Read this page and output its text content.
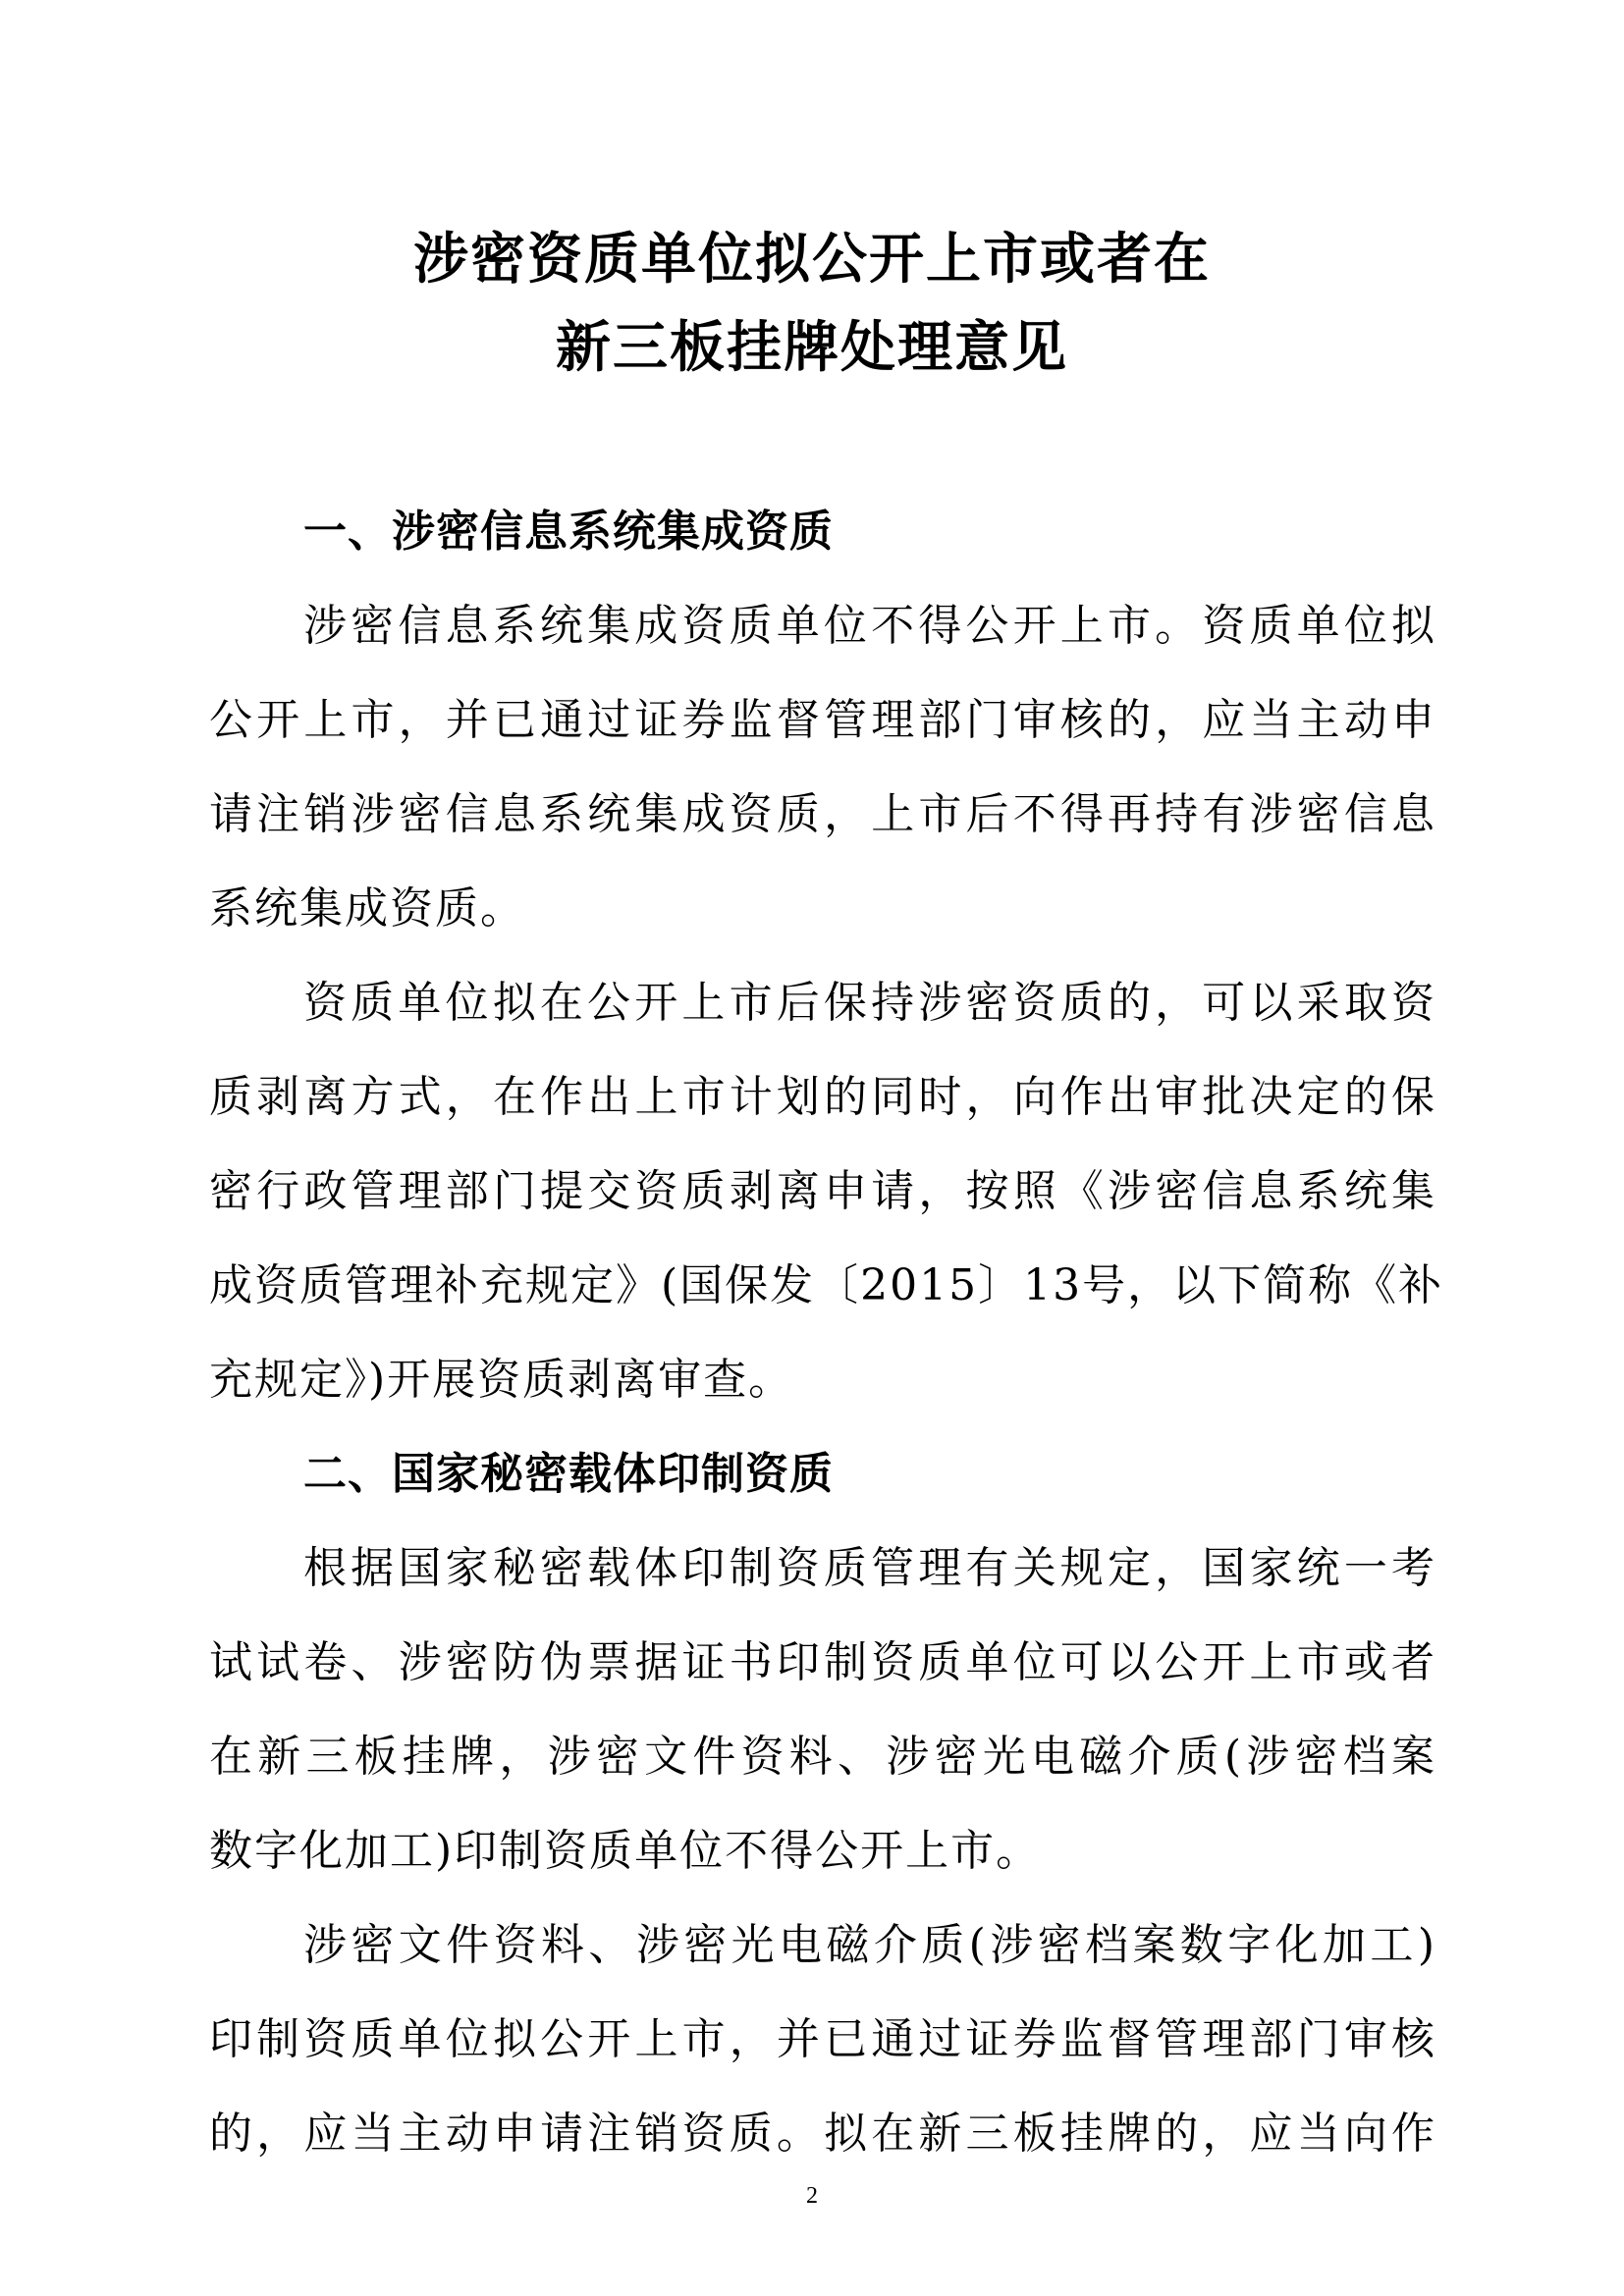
涉密资质单位拟公开上市或者在
新三板挂牌处理意见
一、涉密信息系统集成资质
涉密信息系统集成资质单位不得公开上市。资质单位拟
公开上市，并已通过证券监督管理部门审核的，应当主动申
请注销涉密信息系统集成资质，上市后不得再持有涉密信息
系统集成资质。
资质单位拟在公开上市后保持涉密资质的，可以采取资
质剥离方式，在作出上市计划的同时，向作出审批决定的保
密行政管理部门提交资质剥离申请，按照《涉密信息系统集
成资质管理补充规定》(国保发〔2015〕13号，以下简称《补
充规定》)开展资质剥离审查。
二、国家秘密载体印制资质
根据国家秘密载体印制资质管理有关规定，国家统一考
试试卷、涉密防伪票据证书印制资质单位可以公开上市或者
在新三板挂牌，涉密文件资料、涉密光电磁介质(涉密档案
数字化加工)印制资质单位不得公开上市。
涉密文件资料、涉密光电磁介质(涉密档案数字化加工)
印制资质单位拟公开上市，并已通过证券监督管理部门审核
的，应当主动申请注销资质。拟在新三板挂牌的，应当向作
2
